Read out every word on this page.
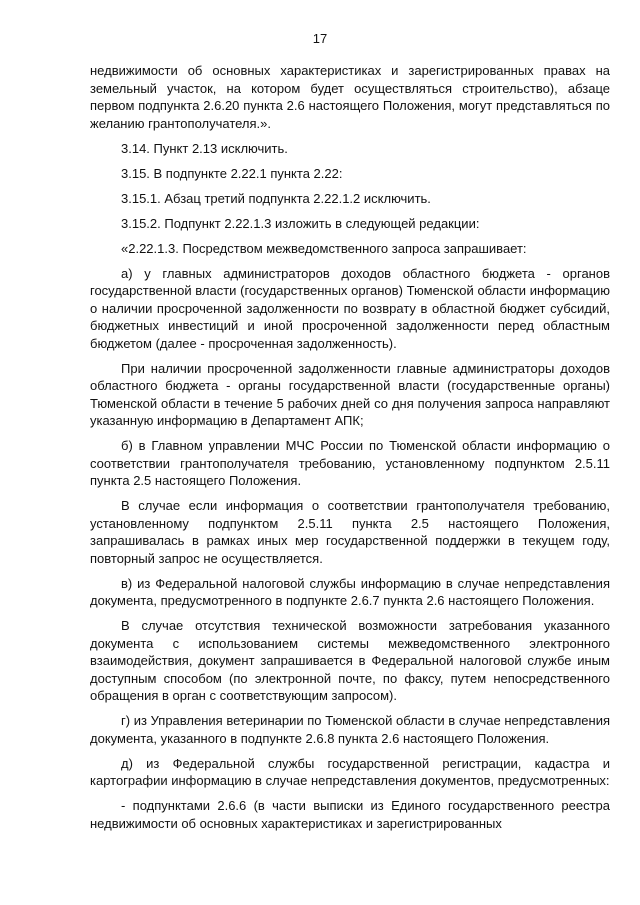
17

недвижимости об основных характеристиках и зарегистрированных правах на земельный участок, на котором будет осуществляться строительство), абзаце первом подпункта 2.6.20 пункта 2.6 настоящего Положения, могут представляться по желанию грантополучателя.».

3.14. Пункт 2.13 исключить.

3.15. В подпункте 2.22.1 пункта 2.22:

3.15.1. Абзац третий подпункта 2.22.1.2 исключить.

3.15.2. Подпункт 2.22.1.3 изложить в следующей редакции:

«2.22.1.3. Посредством межведомственного запроса запрашивает:

а) у главных администраторов доходов областного бюджета - органов государственной власти (государственных органов) Тюменской области информацию о наличии просроченной задолженности по возврату в областной бюджет субсидий, бюджетных инвестиций и иной просроченной задолженности перед областным бюджетом (далее - просроченная задолженность).

При наличии просроченной задолженности главные администраторы доходов областного бюджета - органы государственной власти (государственные органы) Тюменской области в течение 5 рабочих дней со дня получения запроса направляют указанную информацию в Департамент АПК;

б) в Главном управлении МЧС России по Тюменской области информацию о соответствии грантополучателя требованию, установленному подпунктом 2.5.11 пункта 2.5 настоящего Положения.

В случае если информация о соответствии грантополучателя требованию, установленному подпунктом 2.5.11 пункта 2.5 настоящего Положения, запрашивалась в рамках иных мер государственной поддержки в текущем году, повторный запрос не осуществляется.

в) из Федеральной налоговой службы информацию в случае непредставления документа, предусмотренного в подпункте 2.6.7 пункта 2.6 настоящего Положения.

В случае отсутствия технической возможности затребования указанного документа с использованием системы межведомственного электронного взаимодействия, документ запрашивается в Федеральной налоговой службе иным доступным способом (по электронной почте, по факсу, путем непосредственного обращения в орган с соответствующим запросом).

г) из Управления ветеринарии по Тюменской области в случае непредставления документа, указанного в подпункте 2.6.8 пункта 2.6 настоящего Положения.

д) из Федеральной службы государственной регистрации, кадастра и картографии информацию в случае непредставления документов, предусмотренных:

- подпунктами 2.6.6 (в части выписки из Единого государственного реестра недвижимости об основных характеристиках и зарегистрированных
